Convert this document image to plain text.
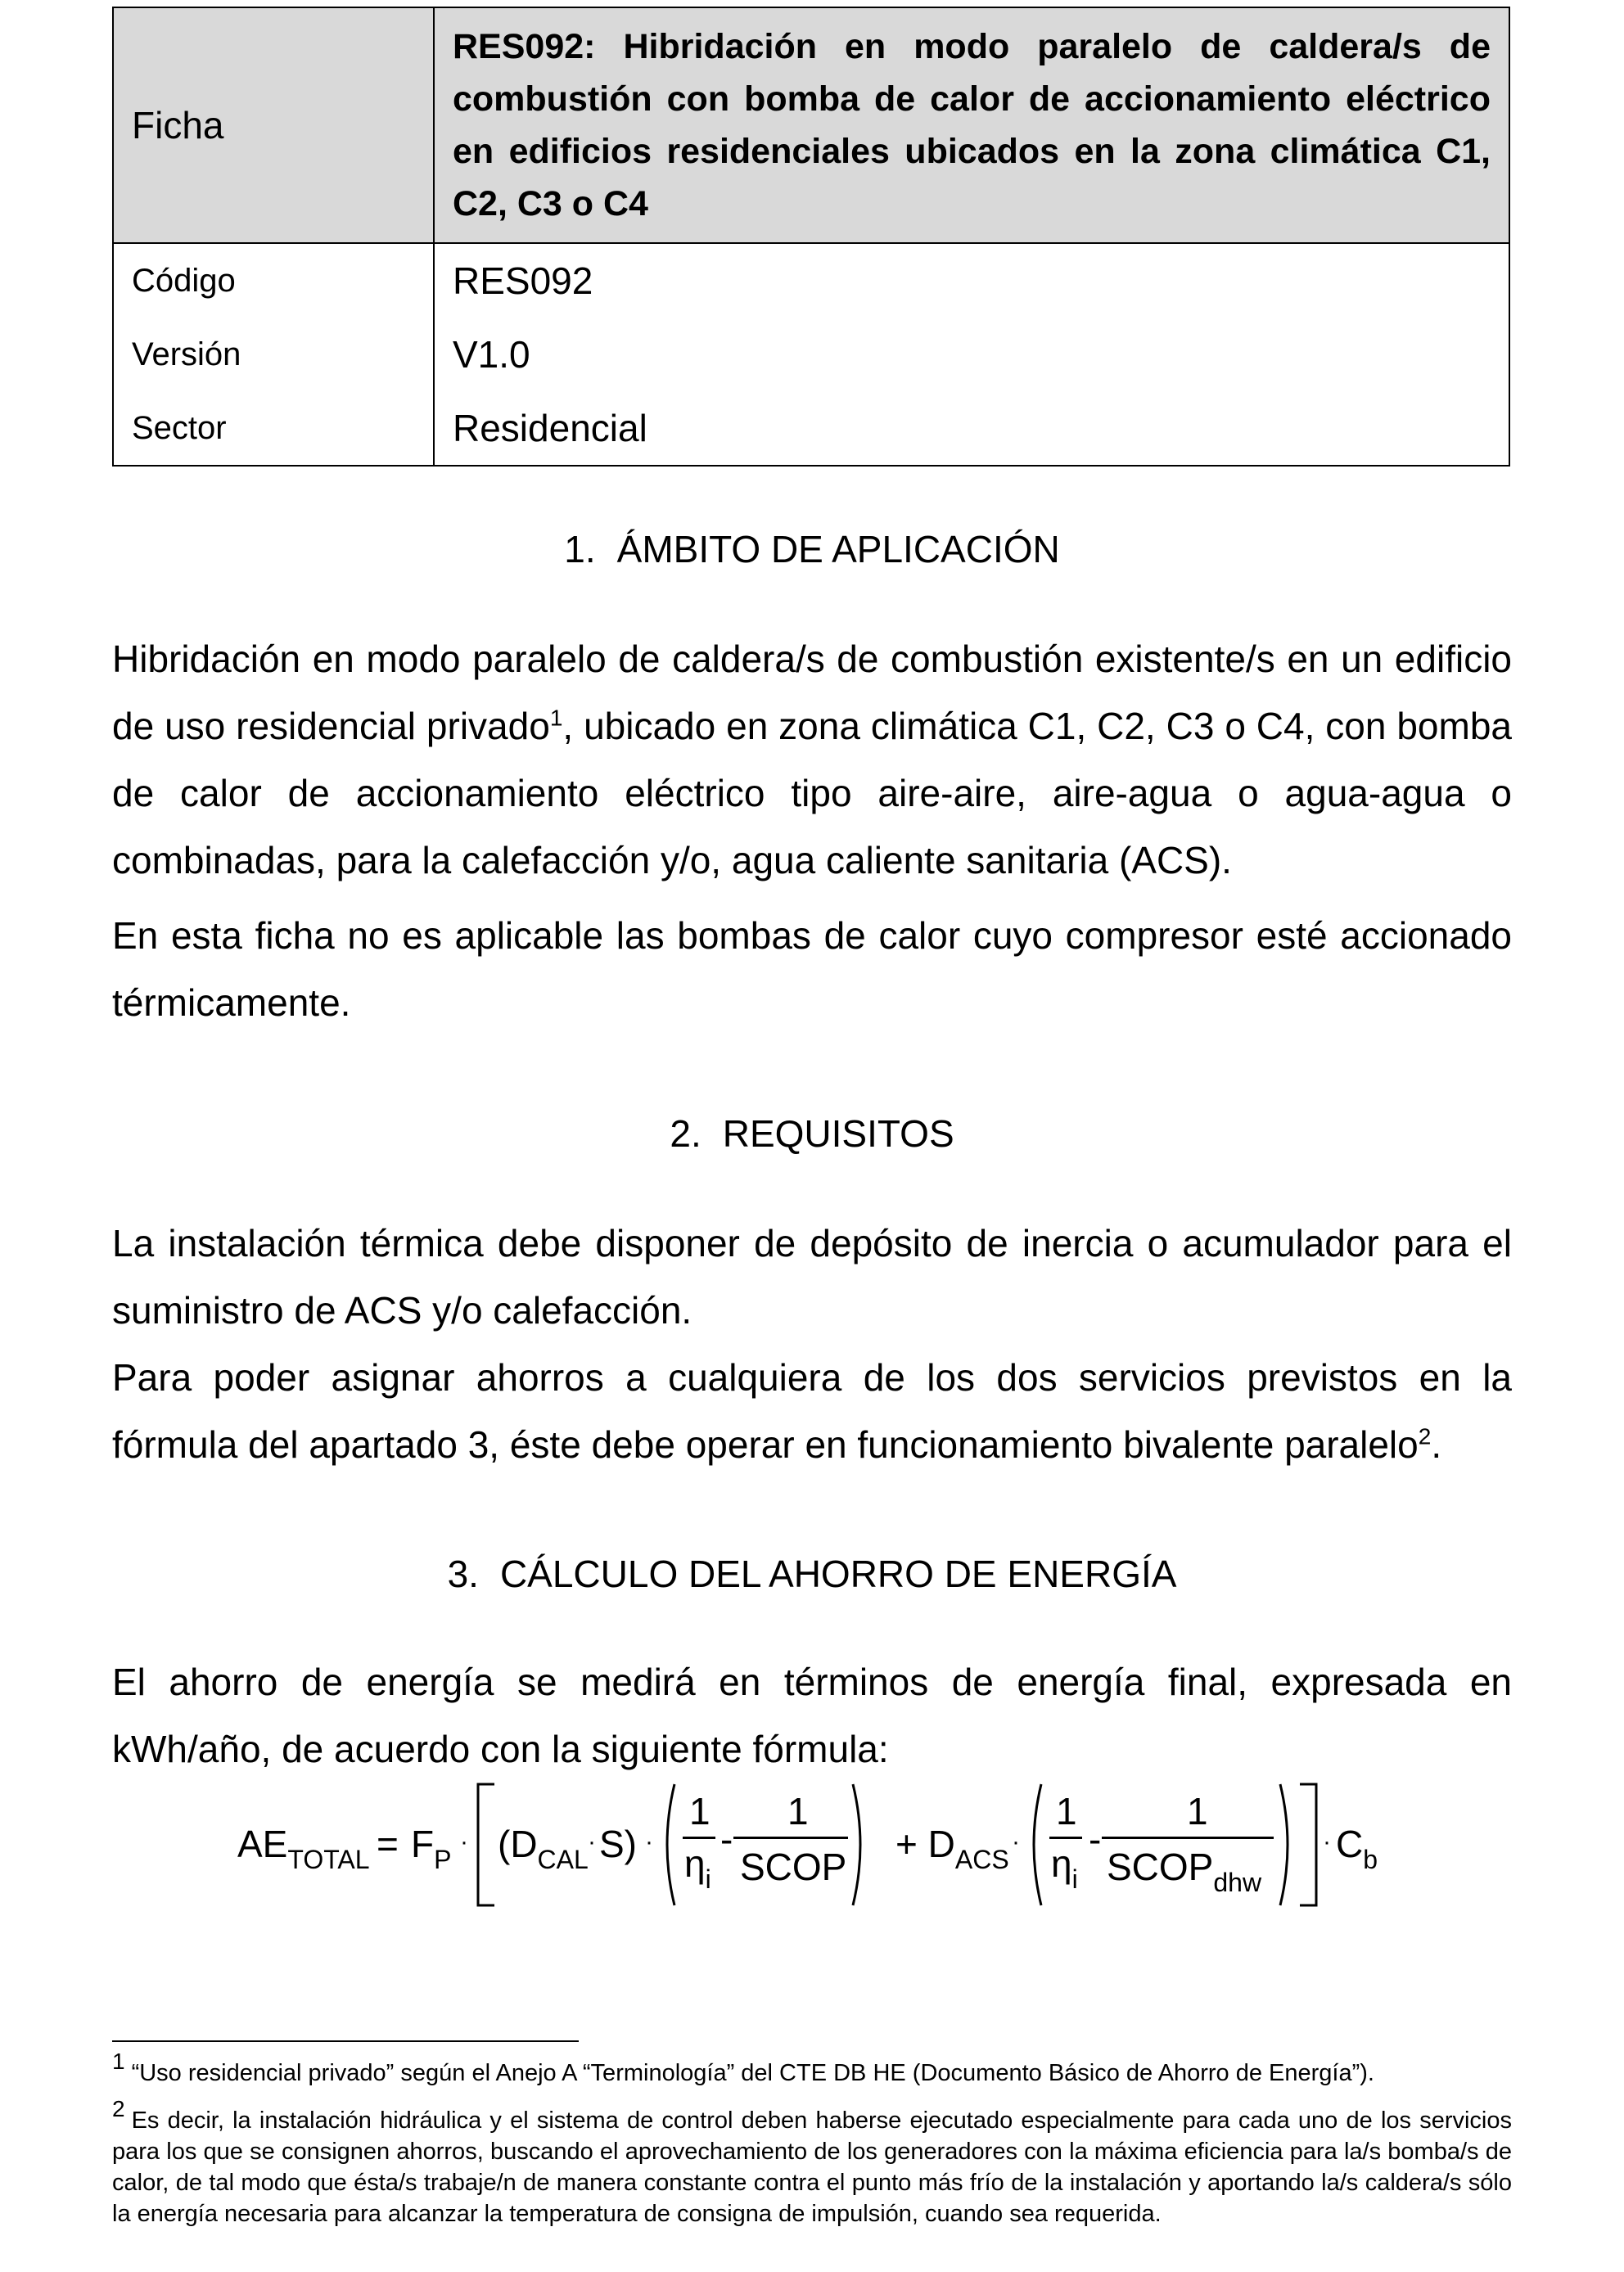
Ficha	RES092: Hibridación en modo paralelo de caldera/s de combustión con bomba de calor de accionamiento eléctrico en edificios residenciales ubicados en la zona climática C1, C2, C3 o C4
Código	RES092
Versión	V1.0
Sector	Residencial
1. ÁMBITO DE APLICACIÓN
Hibridación en modo paralelo de caldera/s de combustión existente/s en un edificio de uso residencial privado$^1$, ubicado en zona climática C1, C2, C3 o C4, con bomba de calor de accionamiento eléctrico tipo aire-aire, aire-agua o agua-agua o combinadas, para la calefacción y/o, agua caliente sanitaria (ACS).
En esta ficha no es aplicable las bombas de calor cuyo compresor esté accionado térmicamente.
2. REQUISITOS
La instalación térmica debe disponer de depósito de inercia o acumulador para el suministro de ACS y/o calefacción.
Para poder asignar ahorros a cualquiera de los dos servicios previstos en la fórmula del apartado 3, éste debe operar en funcionamiento bivalente paralelo$^2$.
3. CÁLCULO DEL AHORRO DE ENERGÍA
El ahorro de energía se medirá en términos de energía final, expresada en kWh/año, de acuerdo con la siguiente fórmula:
$AE_{TOTAL} = F_P$
· ($D_{CAL}$
· S) ·
1
$\eta_i$
-
1
SCOP
+ $D_{ACS}$
·
1
$\eta_i$
-
1
$SCOP_{dhw}$
· $C_b$
1 “Uso residencial privado” según el Anejo A “Terminología” del CTE DB HE (Documento Básico de Ahorro de Energía”).
2 Es decir, la instalación hidráulica y el sistema de control deben haberse ejecutado especialmente para cada uno de los servicios para los que se consignen ahorros, buscando el aprovechamiento de los generadores con la máxima eficiencia para la/s bomba/s de calor, de tal modo que ésta/s trabaje/n de manera constante contra el punto más frío de la instalación y aportando la/s caldera/s sólo la energía necesaria para alcanzar la temperatura de consigna de impulsión, cuando sea requerida.
